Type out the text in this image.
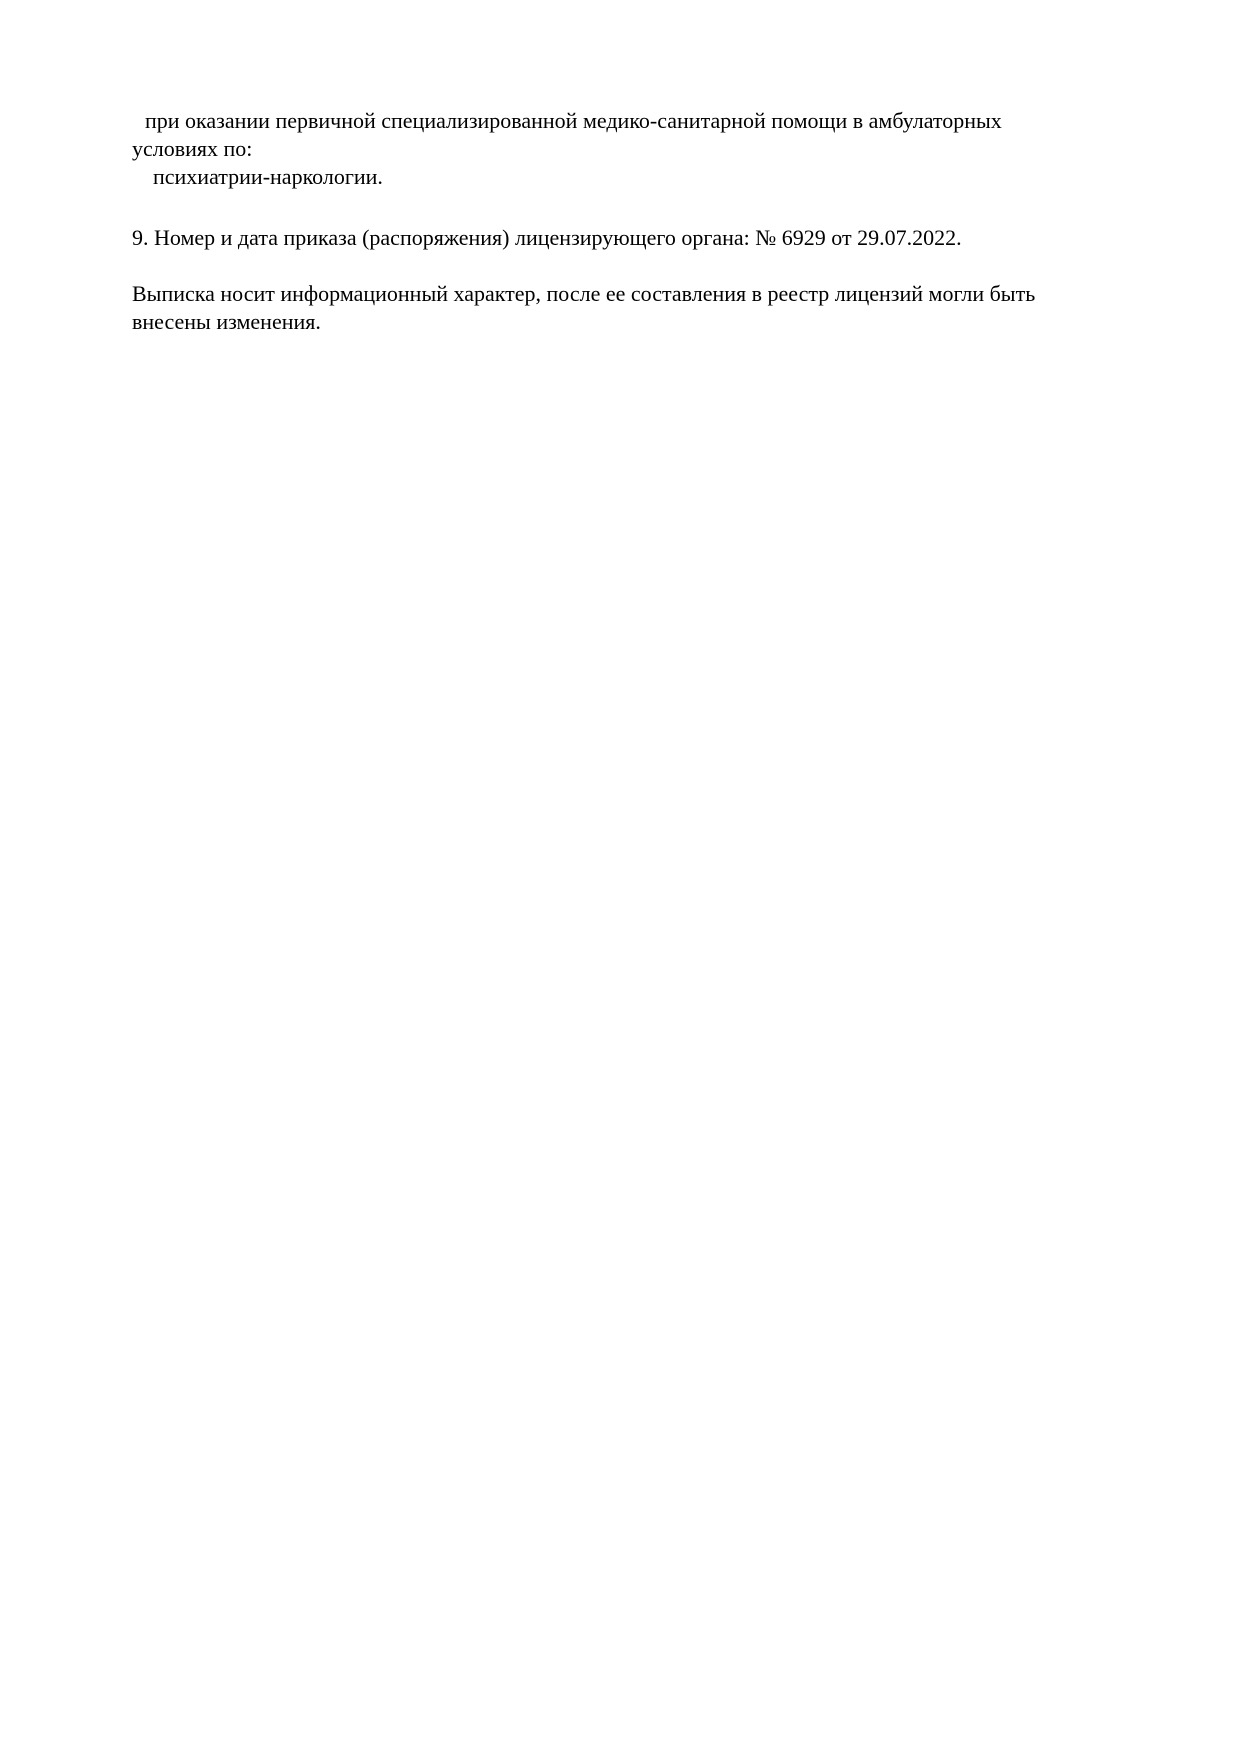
при оказании первичной специализированной медико-санитарной помощи в амбулаторных

условиях по:

психиатрии-наркологии.

9. Номер и дата приказа (распоряжения) лицензирующего органа: № 6929 от 29.07.2022.

Выписка носит информационный характер, после ее составления в реестр лицензий могли быть

внесены изменения.
